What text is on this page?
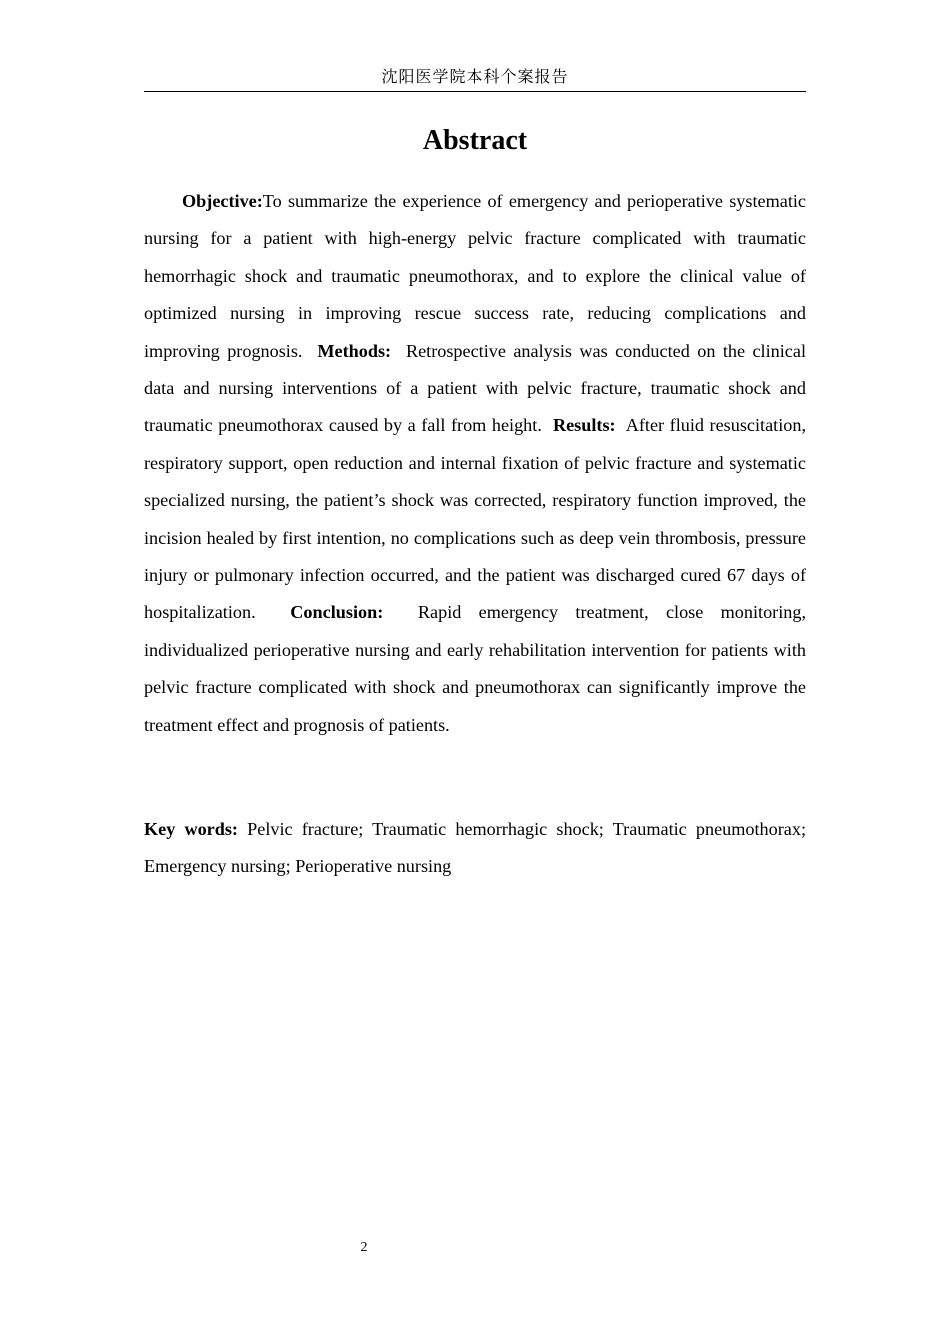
沈阳医学院本科个案报告
Abstract

Objective:To summarize the experience of emergency and perioperative systematic nursing for a patient with high-energy pelvic fracture complicated with traumatic hemorrhagic shock and traumatic pneumothorax, and to explore the clinical value of optimized nursing in improving rescue success rate, reducing complications and improving prognosis. Methods: Retrospective analysis was conducted on the clinical data and nursing interventions of a patient with pelvic fracture, traumatic shock and traumatic pneumothorax caused by a fall from height. Results: After fluid resuscitation, respiratory support, open reduction and internal fixation of pelvic fracture and systematic specialized nursing, the patient’s shock was corrected, respiratory function improved, the incision healed by first intention, no complications such as deep vein thrombosis, pressure injury or pulmonary infection occurred, and the patient was discharged cured 67 days of hospitalization. Conclusion: Rapid emergency treatment, close monitoring, individualized perioperative nursing and early rehabilitation intervention for patients with pelvic fracture complicated with shock and pneumothorax can significantly improve the treatment effect and prognosis of patients.

Key words: Pelvic fracture; Traumatic hemorrhagic shock; Traumatic pneumothorax; Emergency nursing; Perioperative nursing

2
